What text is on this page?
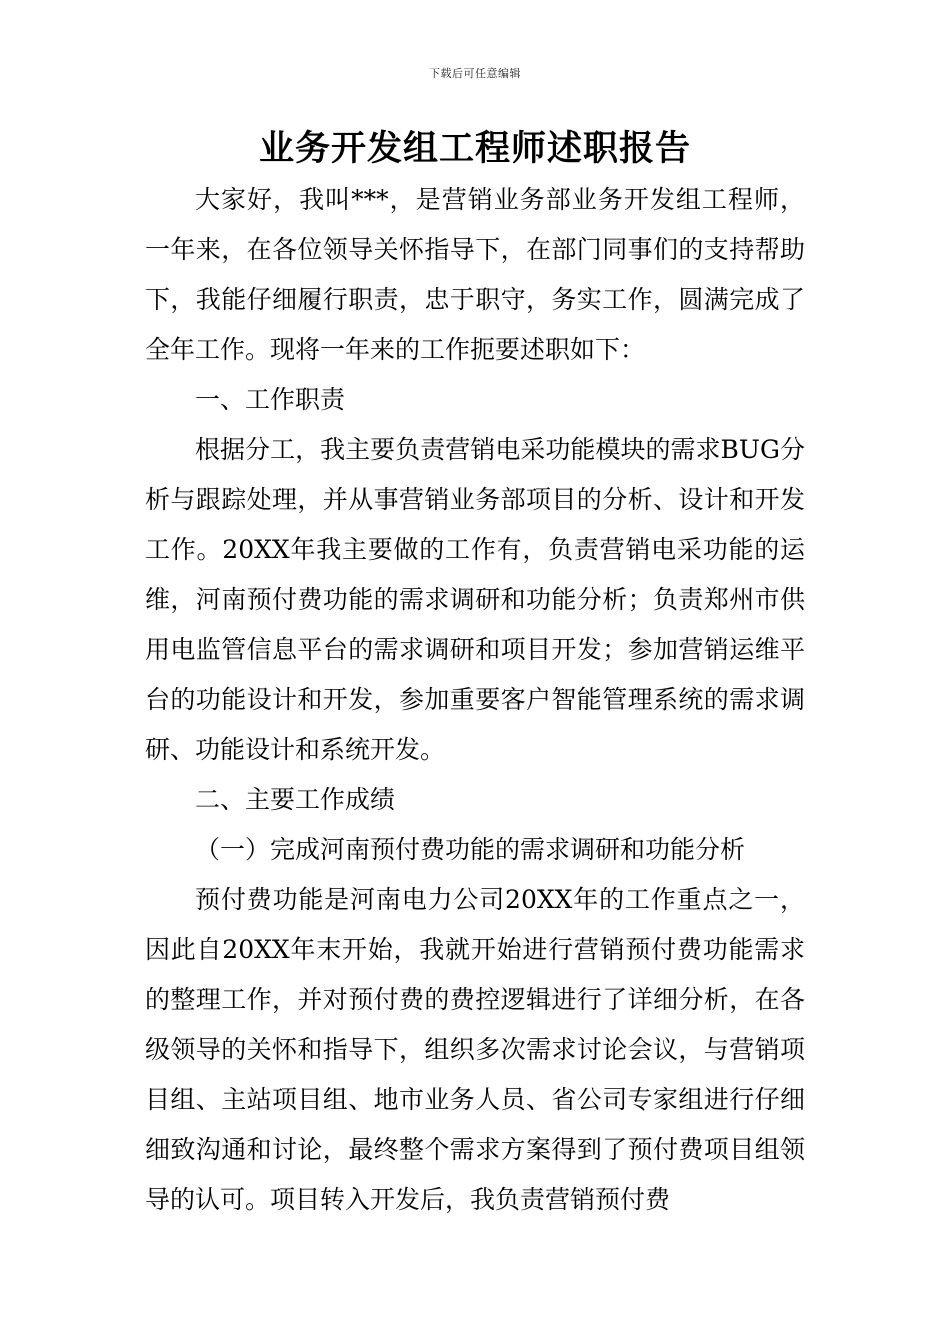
下载后可任意编辑
业务开发组工程师述职报告

大家好，我叫***，是营销业务部业务开发组工程师，一年来，在各位领导关怀指导下，在部门同事们的支持帮助下，我能仔细履行职责，忠于职守，务实工作，圆满完成了全年工作。现将一年来的工作扼要述职如下：

一、工作职责

根据分工，我主要负责营销电采功能模块的需求BUG分析与跟踪处理，并从事营销业务部项目的分析、设计和开发工作。20XX年我主要做的工作有，负责营销电采功能的运维，河南预付费功能的需求调研和功能分析；负责郑州市供用电监管信息平台的需求调研和项目开发；参加营销运维平台的功能设计和开发，参加重要客户智能管理系统的需求调研、功能设计和系统开发。

二、主要工作成绩

（一）完成河南预付费功能的需求调研和功能分析

预付费功能是河南电力公司20XX年的工作重点之一，因此自20XX年末开始，我就开始进行营销预付费功能需求的整理工作，并对预付费的费控逻辑进行了详细分析，在各级领导的关怀和指导下，组织多次需求讨论会议，与营销项目组、主站项目组、地市业务人员、省公司专家组进行仔细细致沟通和讨论，最终整个需求方案得到了预付费项目组领导的认可。项目转入开发后，我负责营销预付费
